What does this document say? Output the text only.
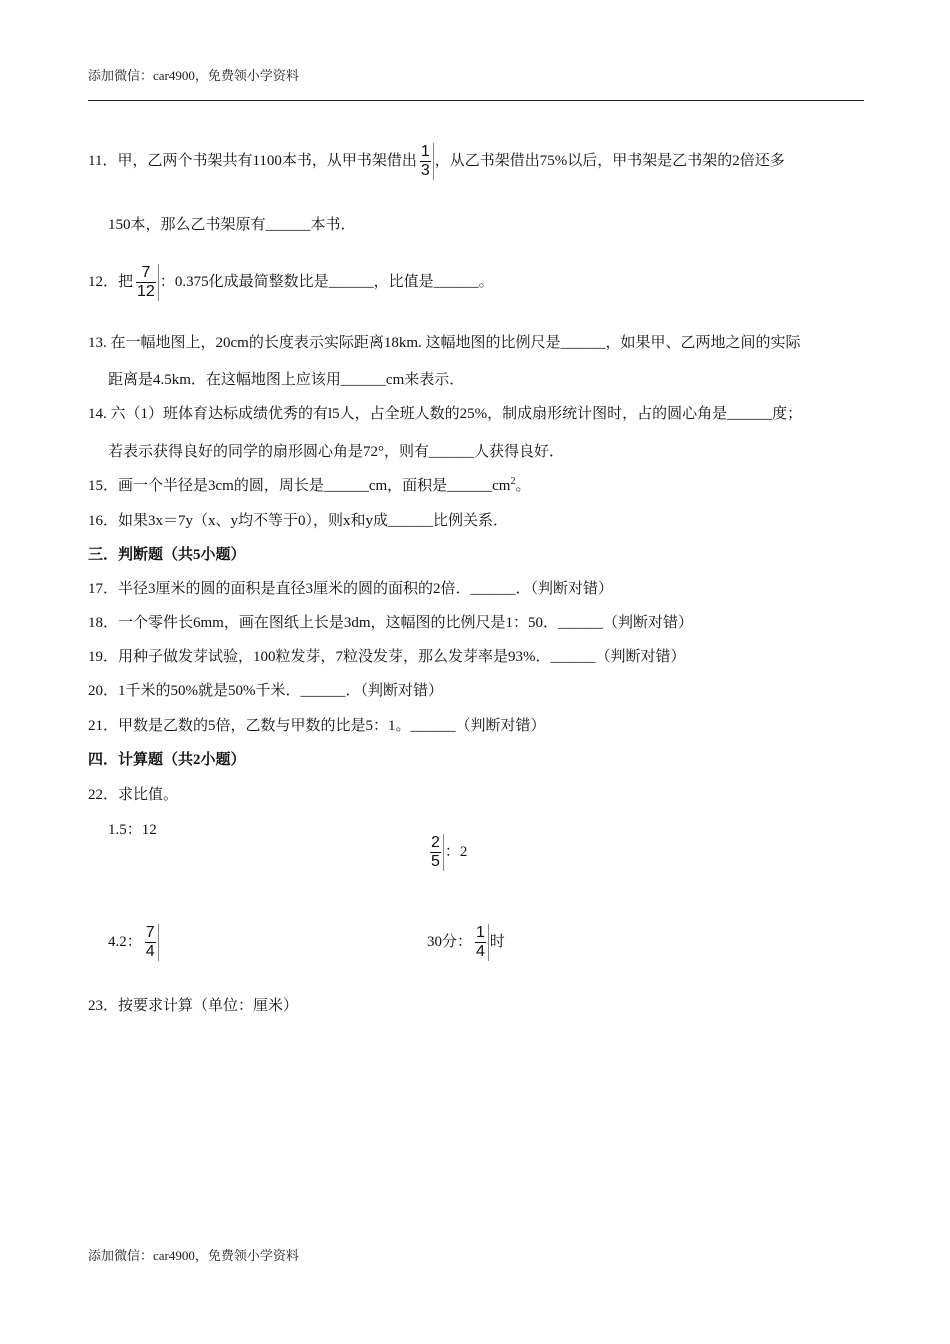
添加微信：car4900，免费领小学资料
11．甲，乙两个书架共有1100本书，从甲书架借出 $\frac{1}{3}$ ，从乙书架借出75%以后，甲书架是乙书架的2倍还多
150本，那么乙书架原有______本书．
12．把 $\frac{7}{12}$ ：0.375化成最简整数比是______，比值是______。
13. 在一幅地图上，20cm的长度表示实际距离18km. 这幅地图的比例尺是______，如果甲、乙两地之间的实际
距离是4.5km．在这幅地图上应该用______cm来表示．
14. 六（1）班体育达标成绩优秀的有l5人，占全班人数的25%，制成扇形统计图时，占的圆心角是______度；
若表示获得良好的同学的扇形圆心角是72°，则有______人获得良好．
15．画一个半径是3cm的圆，周长是______cm，面积是$\_\_\_\_\_\_cm^2$。
16．如果3x＝7y（x、y均不等于0），则x和y成______比例关系．
三．判断题（共5小题）
17．半径3厘米的圆的面积是直径3厘米的圆的面积的2倍．______．（判断对错）
18．一个零件长6mm，画在图纸上长是3dm，这幅图的比例尺是1：50．______（判断对错）
19．用种子做发芽试验，100粒发芽，7粒没发芽，那么发芽率是93%．______（判断对错）
20．1千米的50%就是50%千米．______．（判断对错）
21．甲数是乙数的5倍，乙数与甲数的比是5：1。______（判断对错）
四．计算题（共2小题）
22．求比值。
1.5：12
$\frac{2}{5}$ ：2
4.2： $\frac{7}{4}$	30分： $\frac{1}{4}$ 时
23．按要求计算（单位：厘米）
添加微信：car4900，免费领小学资料
